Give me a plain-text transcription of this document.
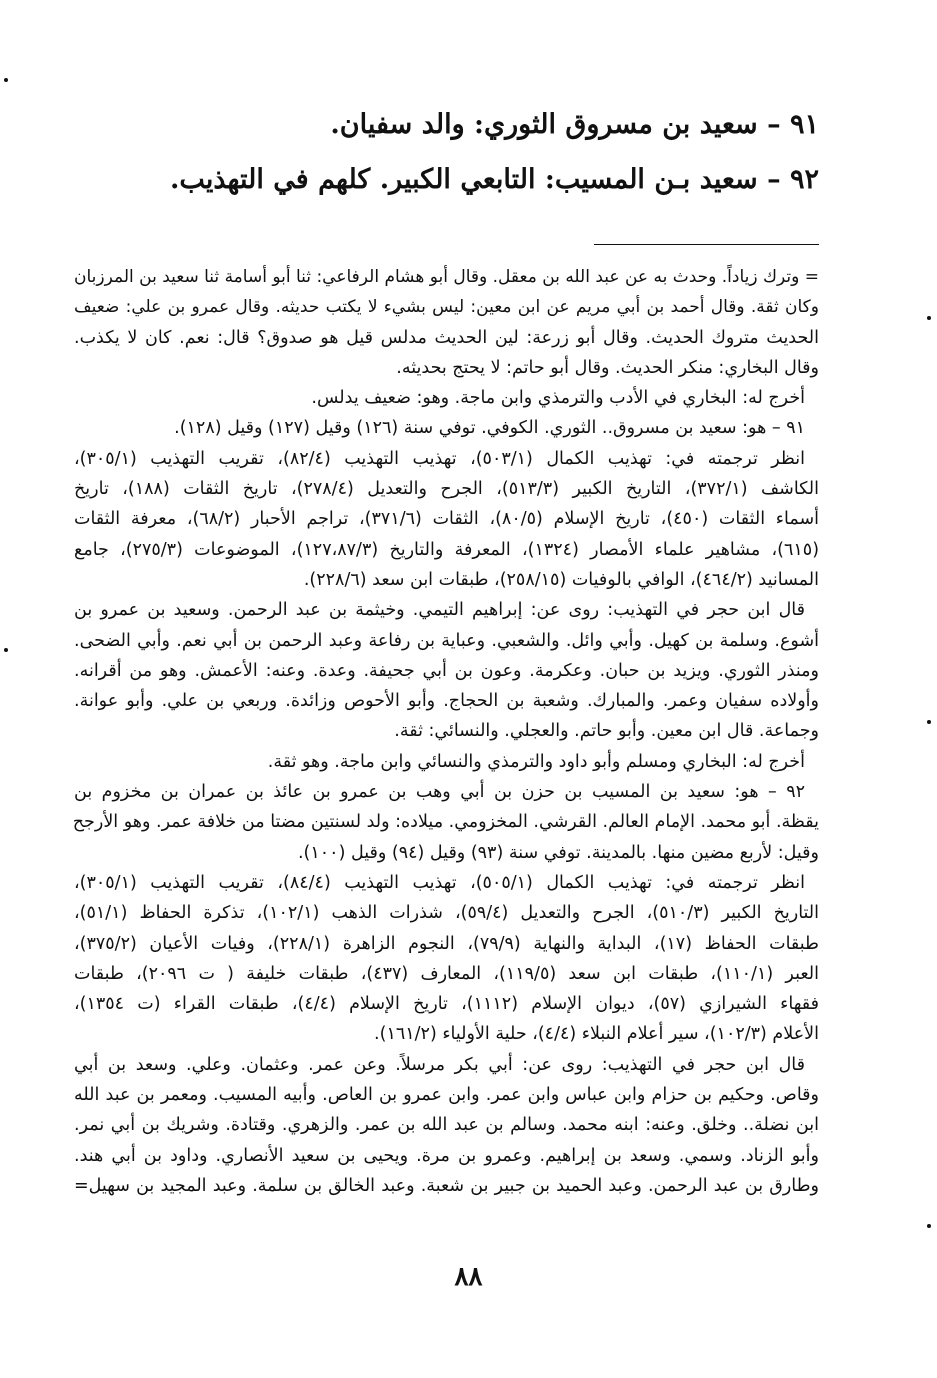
٩١ – سعيد بن مسروق الثوري: والد سفيان.
٩٢ – سعيد بـن المسيب: التابعي الكبير. كلهم في التهذيب.
= وترك زياداً. وحدث به عن عبد الله بن معقل. وقال أبو هشام الرفاعي: ثنا أبو أسامة ثنا سعيد بن المرزبان
وكان ثقة. وقال أحمد بن أبي مريم عن ابن معين: ليس بشيء لا يكتب حديثه. وقال عمرو بن علي: ضعيف
الحديث متروك الحديث. وقال أبو زرعة: لين الحديث مدلس قيل هو صدوق؟ قال: نعم. كان لا يكذب.
وقال البخاري: منكر الحديث. وقال أبو حاتم: لا يحتج بحديثه.
أخرج له: البخاري في الأدب والترمذي وابن ماجة. وهو: ضعيف يدلس.
٩١ – هو: سعيد بن مسروق.. الثوري. الكوفي. توفي سنة (١٢٦) وقيل (١٢٧) وقيل (١٢٨).
انظر ترجمته في: تهذيب الكمال (٥٠٣/١)، تهذيب التهذيب (٨٢/٤)، تقريب التهذيب (٣٠٥/١)،
الكاشف (٣٧٢/١)، التاريخ الكبير (٥١٣/٣)، الجرح والتعديل (٢٧٨/٤)، تاريخ الثقات (١٨٨)، تاريخ
أسماء الثقات (٤٥٠)، تاريخ الإسلام (٨٠/٥)، الثقات (٣٧١/٦)، تراجم الأحبار (٦٨/٢)، معرفة الثقات
(٦١٥)، مشاهير علماء الأمصار (١٣٢٤)، المعرفة والتاريخ (١٢٧،٨٧/٣)، الموضوعات (٢٧٥/٣)، جامع
المسانيد (٤٦٤/٢)، الوافي بالوفيات (٢٥٨/١٥)، طبقات ابن سعد (٢٢٨/٦).
قال ابن حجر في التهذيب: روى عن: إبراهيم التيمي. وخيثمة بن عبد الرحمن. وسعيد بن عمرو بن
أشوع. وسلمة بن كهيل. وأبي وائل. والشعبي. وعباية بن رفاعة وعبد الرحمن بن أبي نعم. وأبي الضحى.
ومنذر الثوري. ويزيد بن حبان. وعكرمة. وعون بن أبي جحيفة. وعدة. وعنه: الأعمش. وهو من أقرانه.
وأولاده سفيان وعمر. والمبارك. وشعبة بن الحجاج. وأبو الأحوص وزائدة. وربعي بن علي. وأبو عوانة.
وجماعة. قال ابن معين. وأبو حاتم. والعجلي. والنسائي: ثقة.
أخرج له: البخاري ومسلم وأبو داود والترمذي والنسائي وابن ماجة. وهو ثقة.
٩٢ – هو: سعيد بن المسيب بن حزن بن أبي وهب بن عمرو بن عائذ بن عمران بن مخزوم بن
يقظة. أبو محمد. الإمام العالم. القرشي. المخزومي. ميلاده: ولد لسنتين مضتا من خلافة عمر. وهو الأرجح
وقيل: لأربع مضين منها. بالمدينة. توفي سنة (٩٣) وقيل (٩٤) وقيل (١٠٠).
انظر ترجمته في: تهذيب الكمال (٥٠٥/١)، تهذيب التهذيب (٨٤/٤)، تقريب التهذيب (٣٠٥/١)،
التاريخ الكبير (٥١٠/٣)، الجرح والتعديل (٥٩/٤)، شذرات الذهب (١٠٢/١)، تذكرة الحفاظ (٥١/١)،
طبقات الحفاظ (١٧)، البداية والنهاية (٧٩/٩)، النجوم الزاهرة (٢٢٨/١)، وفيات الأعيان (٣٧٥/٢)،
العبر (١١٠/١)، طبقات ابن سعد (١١٩/٥)، المعارف (٤٣٧)، طبقات خليفة ( ت ٢٠٩٦)، طبقات
فقهاء الشيرازي (٥٧)، ديوان الإسلام (١١١٢)، تاريخ الإسلام (٤/٤)، طبقات القراء (ت ١٣٥٤)،
الأعلام (١٠٢/٣)، سير أعلام النبلاء (٤/٤)، حلية الأولياء (١٦١/٢).
قال ابن حجر في التهذيب: روى عن: أبي بكر مرسلاً. وعن عمر. وعثمان. وعلي. وسعد بن أبي
وقاص. وحكيم بن حزام وابن عباس وابن عمر. وابن عمرو بن العاص. وأبيه المسيب. ومعمر بن عبد الله
ابن نضلة.. وخلق. وعنه: ابنه محمد. وسالم بن عبد الله بن عمر. والزهري. وقتادة. وشريك بن أبي نمر.
وأبو الزناد. وسمي. وسعد بن إبراهيم. وعمرو بن مرة. ويحيى بن سعيد الأنصاري. وداود بن أبي هند.
وطارق بن عبد الرحمن. وعبد الحميد بن جبير بن شعبة. وعبد الخالق بن سلمة. وعبد المجيد بن سهيل=
٨٨
